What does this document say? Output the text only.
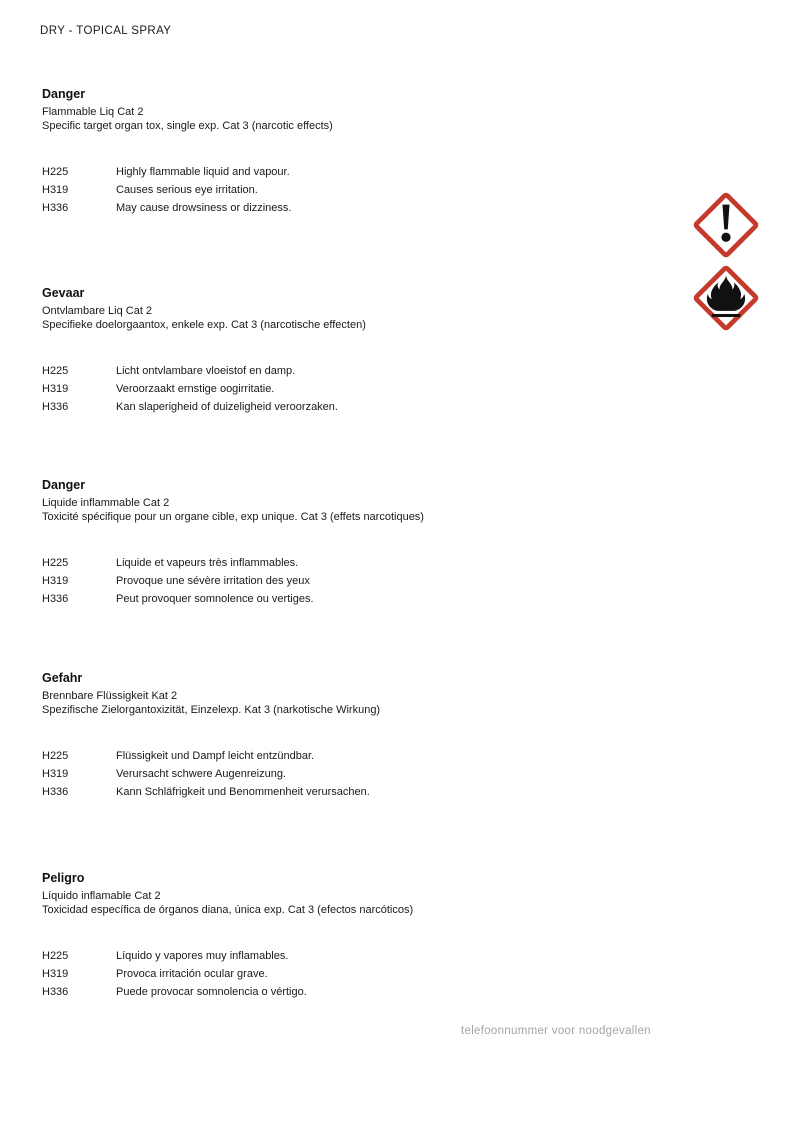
DRY - TOPICAL SPRAY
Danger
Flammable Liq Cat 2
Specific target organ tox, single exp. Cat 3 (narcotic effects)
H225	Highly flammable liquid and vapour.
H319	Causes serious eye irritation.
H336	May cause drowsiness or dizziness.
Gevaar
Ontvlambare Liq Cat 2
Specifieke doelorgaantox, enkele exp. Cat 3 (narcotische effecten)
H225	Licht ontvlambare vloeistof en damp.
H319	Veroorzaakt ernstige oogirritatie.
H336	Kan slaperigheid of duizeligheid veroorzaken.
Danger
Liquide inflammable Cat 2
Toxicité spécifique pour un organe cible, exp unique. Cat 3 (effets narcotiques)
H225	Liquide et vapeurs très inflammables.
H319	Provoque une sévère irritation des yeux
H336	Peut provoquer somnolence ou vertiges.
Gefahr
Brennbare Flüssigkeit Kat 2
Spezifische Zielorgantoxizität, Einzelexp. Kat 3 (narkotische Wirkung)
H225	Flüssigkeit und Dampf leicht entzündbar.
H319	Verursacht schwere Augenreizung.
H336	Kann Schläfrigkeit und Benommenheit verursachen.
Peligro
Líquido inflamable Cat 2
Toxicidad específica de órganos diana, única exp. Cat 3 (efectos narcóticos)
H225	Líquido y vapores muy inflamables.
H319	Provoca irritación ocular grave.
H336	Puede provocar somnolencia o vértigo.
telefoonnummer voor noodgevallen
